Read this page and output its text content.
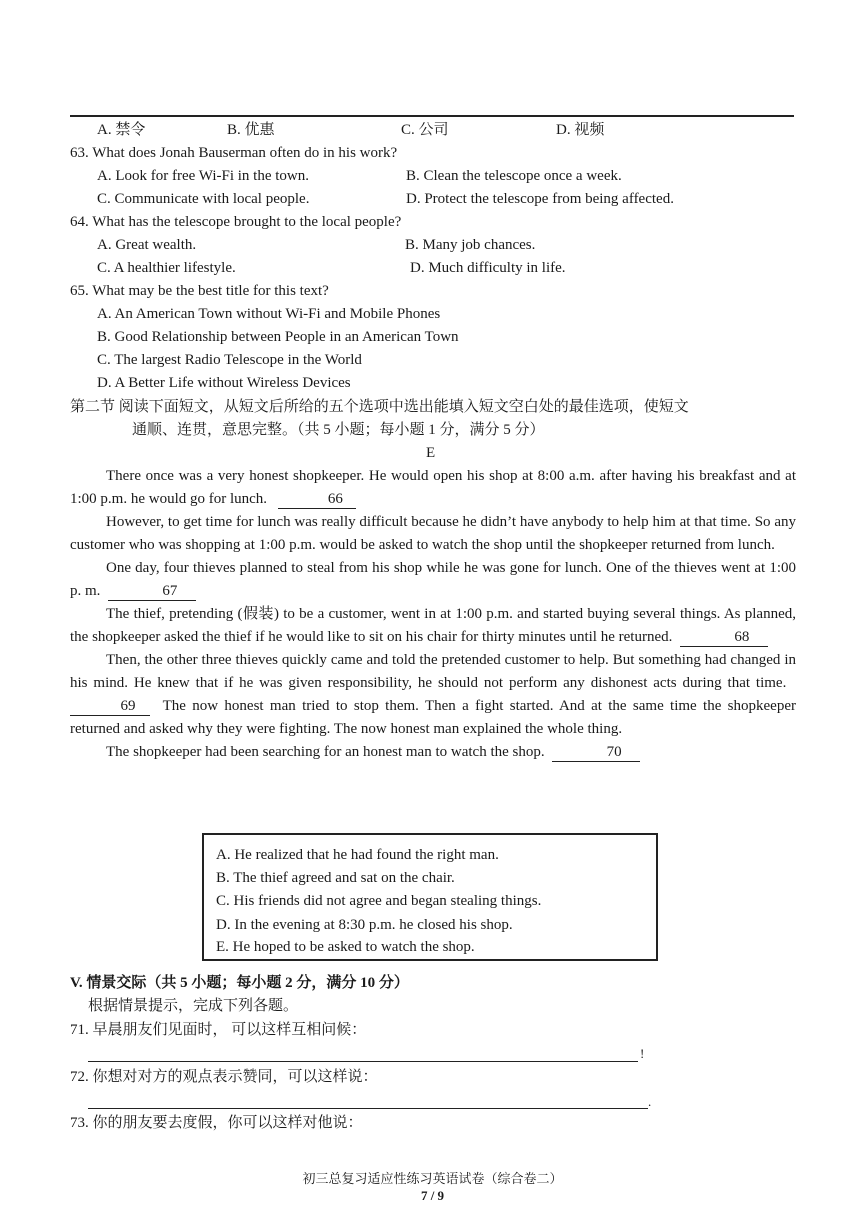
A. 禁令	B. 优惠	C. 公司	D. 视频
63. What does Jonah Bauserman often do in his work?
A. Look for free Wi-Fi in the town.	B. Clean the telescope once a week.
C. Communicate with local people.	D. Protect the telescope from being affected.
64. What has the telescope brought to the local people?
A. Great wealth.	B. Many job chances.
C. A healthier lifestyle.	D. Much difficulty in life.
65. What may be the best title for this text?
A. An American Town without Wi-Fi and Mobile Phones
B. Good Relationship between People in an American Town
C. The largest Radio Telescope in the World
D. A Better Life without Wireless Devices
第二节 阅读下面短文，从短文后所给的五个选项中选出能填入短文空白处的最佳选项，使短文
通顺、连贯，意思完整。（共 5 小题；每小题 1 分，满分 5 分）
E

There once was a very honest shopkeeper. He would open his shop at 8:00 a.m. after having his breakfast and at 1:00 p.m. he would go for lunch.	66

However, to get time for lunch was really difficult because he didn’t have anybody to help him at that time. So any customer who was shopping at 1:00 p.m. would be asked to watch the shop until the shopkeeper returned from lunch.

One day, four thieves planned to steal from his shop while he was gone for lunch. One of the thieves went at 1:00 p. m.	67

The thief, pretending (假装) to be a customer, went in at 1:00 p.m. and started buying several things. As planned, the shopkeeper asked the thief if he would like to sit on his chair for thirty minutes until he returned.	68

Then, the other three thieves quickly came and told the pretended customer to help. But something had changed in his mind. He knew that if he was given responsibility, he should not perform any dishonest acts during that time.  69 The now honest man tried to stop them. Then a fight started. And at the same time the shopkeeper returned and asked why they were fighting. The now honest man explained the whole thing.

The shopkeeper had been searching for an honest man to watch the shop.	70

A. He realized that he had found the right man.
B. The thief agreed and sat on the chair.
C. His friends did not agree and began stealing things.
D. In the evening at 8:30 p.m. he closed his shop.
E. He hoped to be asked to watch the shop.
V. 情景交际（共 5 小题；每小题 2 分，满分 10 分）
根据情景提示，完成下列各题。
71. 早晨朋友们见面时， 可以这样互相问候：
!
72. 你想对对方的观点表示赞同，可以这样说：
.
73. 你的朋友要去度假，你可以这样对他说：
初三总复习适应性练习英语试卷（综合卷二）
7 / 9
